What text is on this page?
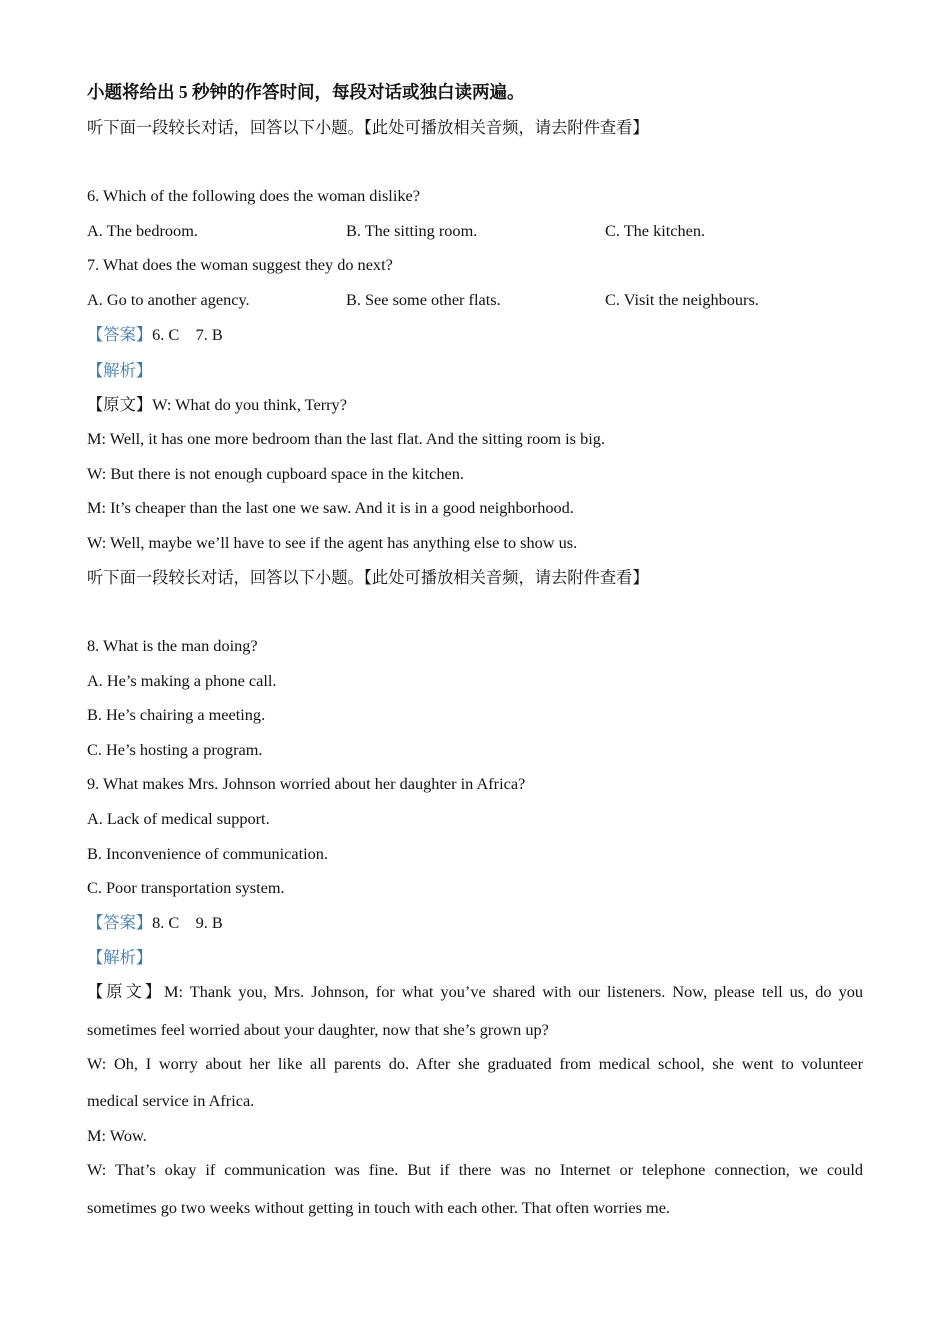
小题将给出 5 秒钟的作答时间，每段对话或独白读两遍。
听下面一段较长对话，回答以下小题。【此处可播放相关音频，请去附件查看】
6. Which of the following does the woman dislike?
A. The bedroom.	B. The sitting room.	C. The kitchen.
7. What does the woman suggest they do next?
A. Go to another agency.	B. See some other flats.	C. Visit the neighbours.
【答案】6. C    7. B
【解析】
【原文】W: What do you think, Terry?
M: Well, it has one more bedroom than the last flat. And the sitting room is big.
W: But there is not enough cupboard space in the kitchen.
M: It’s cheaper than the last one we saw. And it is in a good neighborhood.
W: Well, maybe we’ll have to see if the agent has anything else to show us.
听下面一段较长对话，回答以下小题。【此处可播放相关音频，请去附件查看】
8. What is the man doing?
A. He’s making a phone call.
B. He’s chairing a meeting.
C. He’s hosting a program.
9. What makes Mrs. Johnson worried about her daughter in Africa?
A. Lack of medical support.
B. Inconvenience of communication.
C. Poor transportation system.
【答案】8. C    9. B
【解析】
【原文】M: Thank you, Mrs. Johnson, for what you’ve shared with our listeners. Now, please tell us, do you
sometimes feel worried about your daughter, now that she’s grown up?
W: Oh, I worry about her like all parents do. After she graduated from medical school, she went to volunteer
medical service in Africa.
M: Wow.
W: That’s okay if communication was fine. But if there was no Internet or telephone connection, we could
sometimes go two weeks without getting in touch with each other. That often worries me.
